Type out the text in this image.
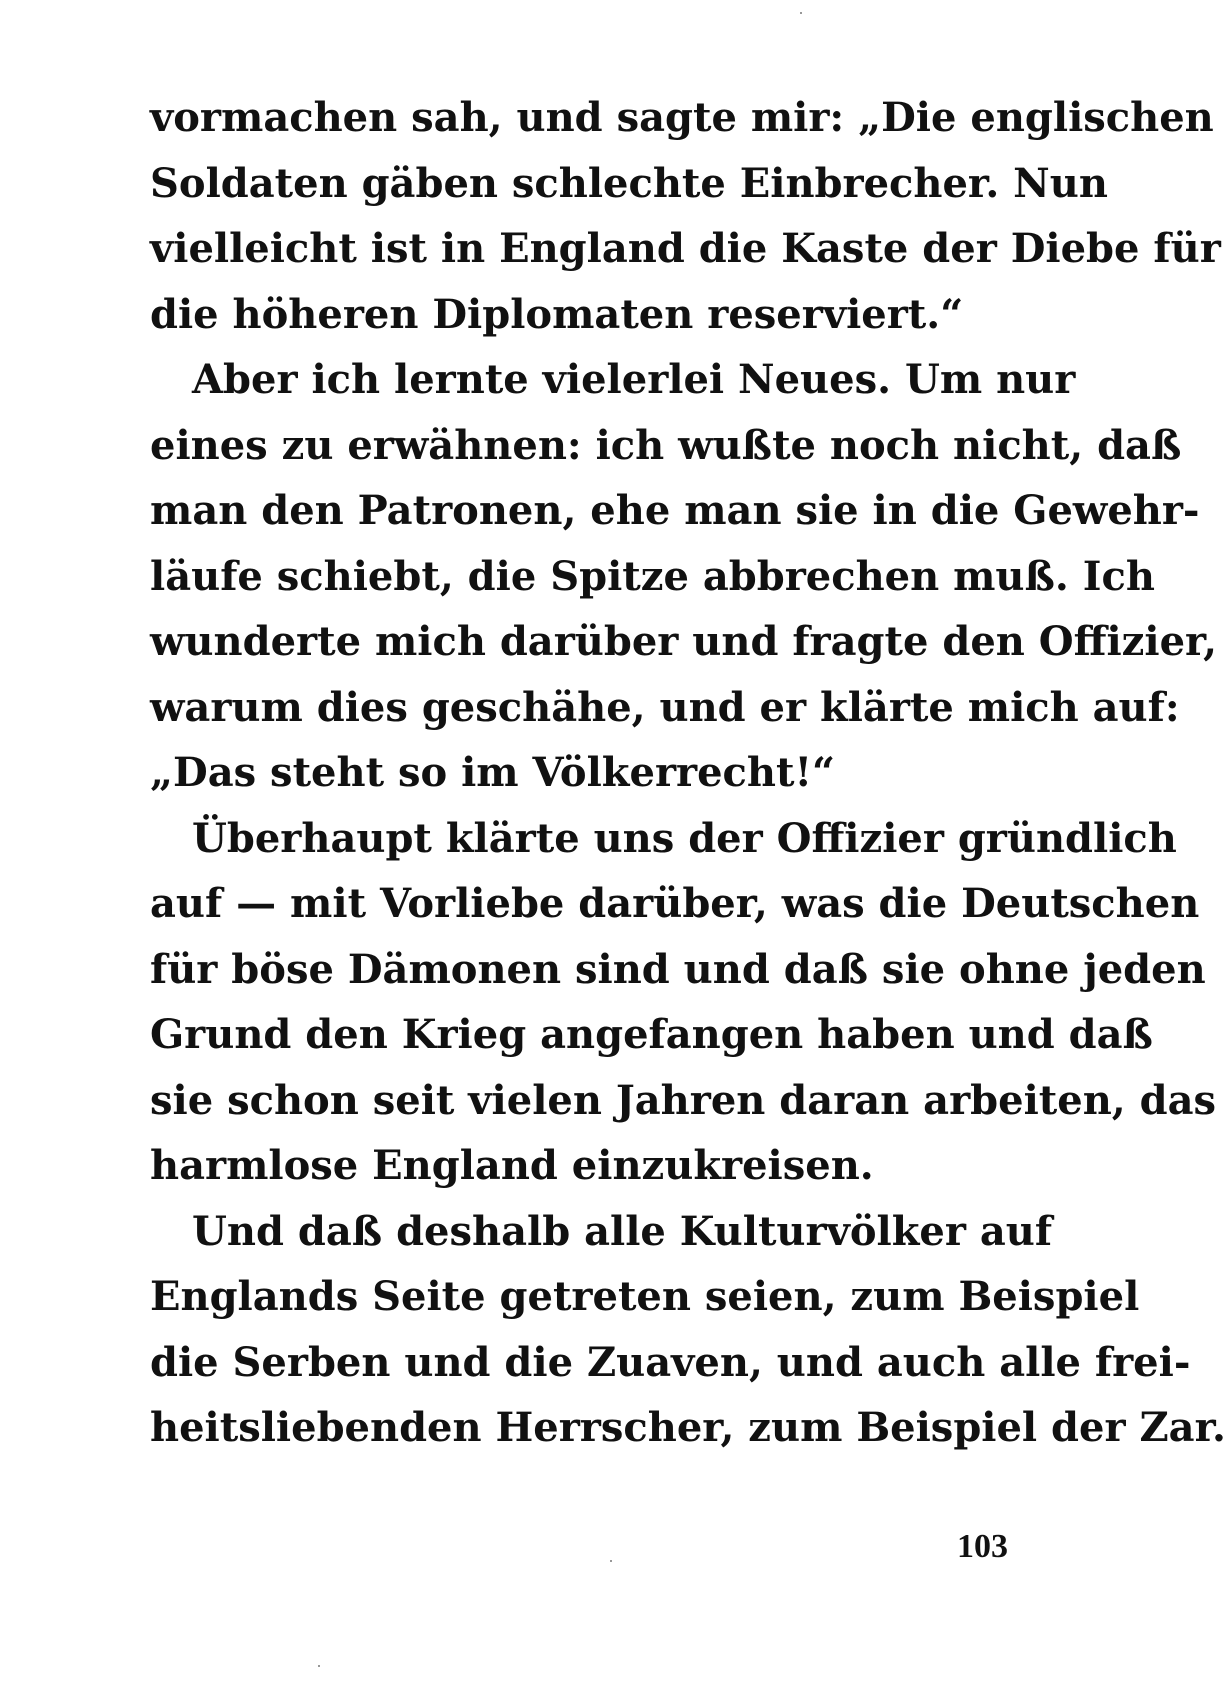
vormachen sah, und sagte mir: „Die englischen
Soldaten gäben schlechte Einbrecher. Nun
vielleicht ist in England die Kaste der Diebe für
die höheren Diplomaten reserviert.“
Aber ich lernte vielerlei Neues. Um nur
eines zu erwähnen: ich wußte noch nicht, daß
man den Patronen, ehe man sie in die Gewehr-
läufe schiebt, die Spitze abbrechen muß. Ich
wunderte mich darüber und fragte den Offizier,
warum dies geschähe, und er klärte mich auf:
„Das steht so im Völkerrecht!“
Überhaupt klärte uns der Offizier gründlich
auf — mit Vorliebe darüber, was die Deutschen
für böse Dämonen sind und daß sie ohne jeden
Grund den Krieg angefangen haben und daß
sie schon seit vielen Jahren daran arbeiten, das
harmlose England einzukreisen.
Und daß deshalb alle Kulturvölker auf
Englands Seite getreten seien, zum Beispiel
die Serben und die Zuaven, und auch alle frei-
heitsliebenden Herrscher, zum Beispiel der Zar.
103
